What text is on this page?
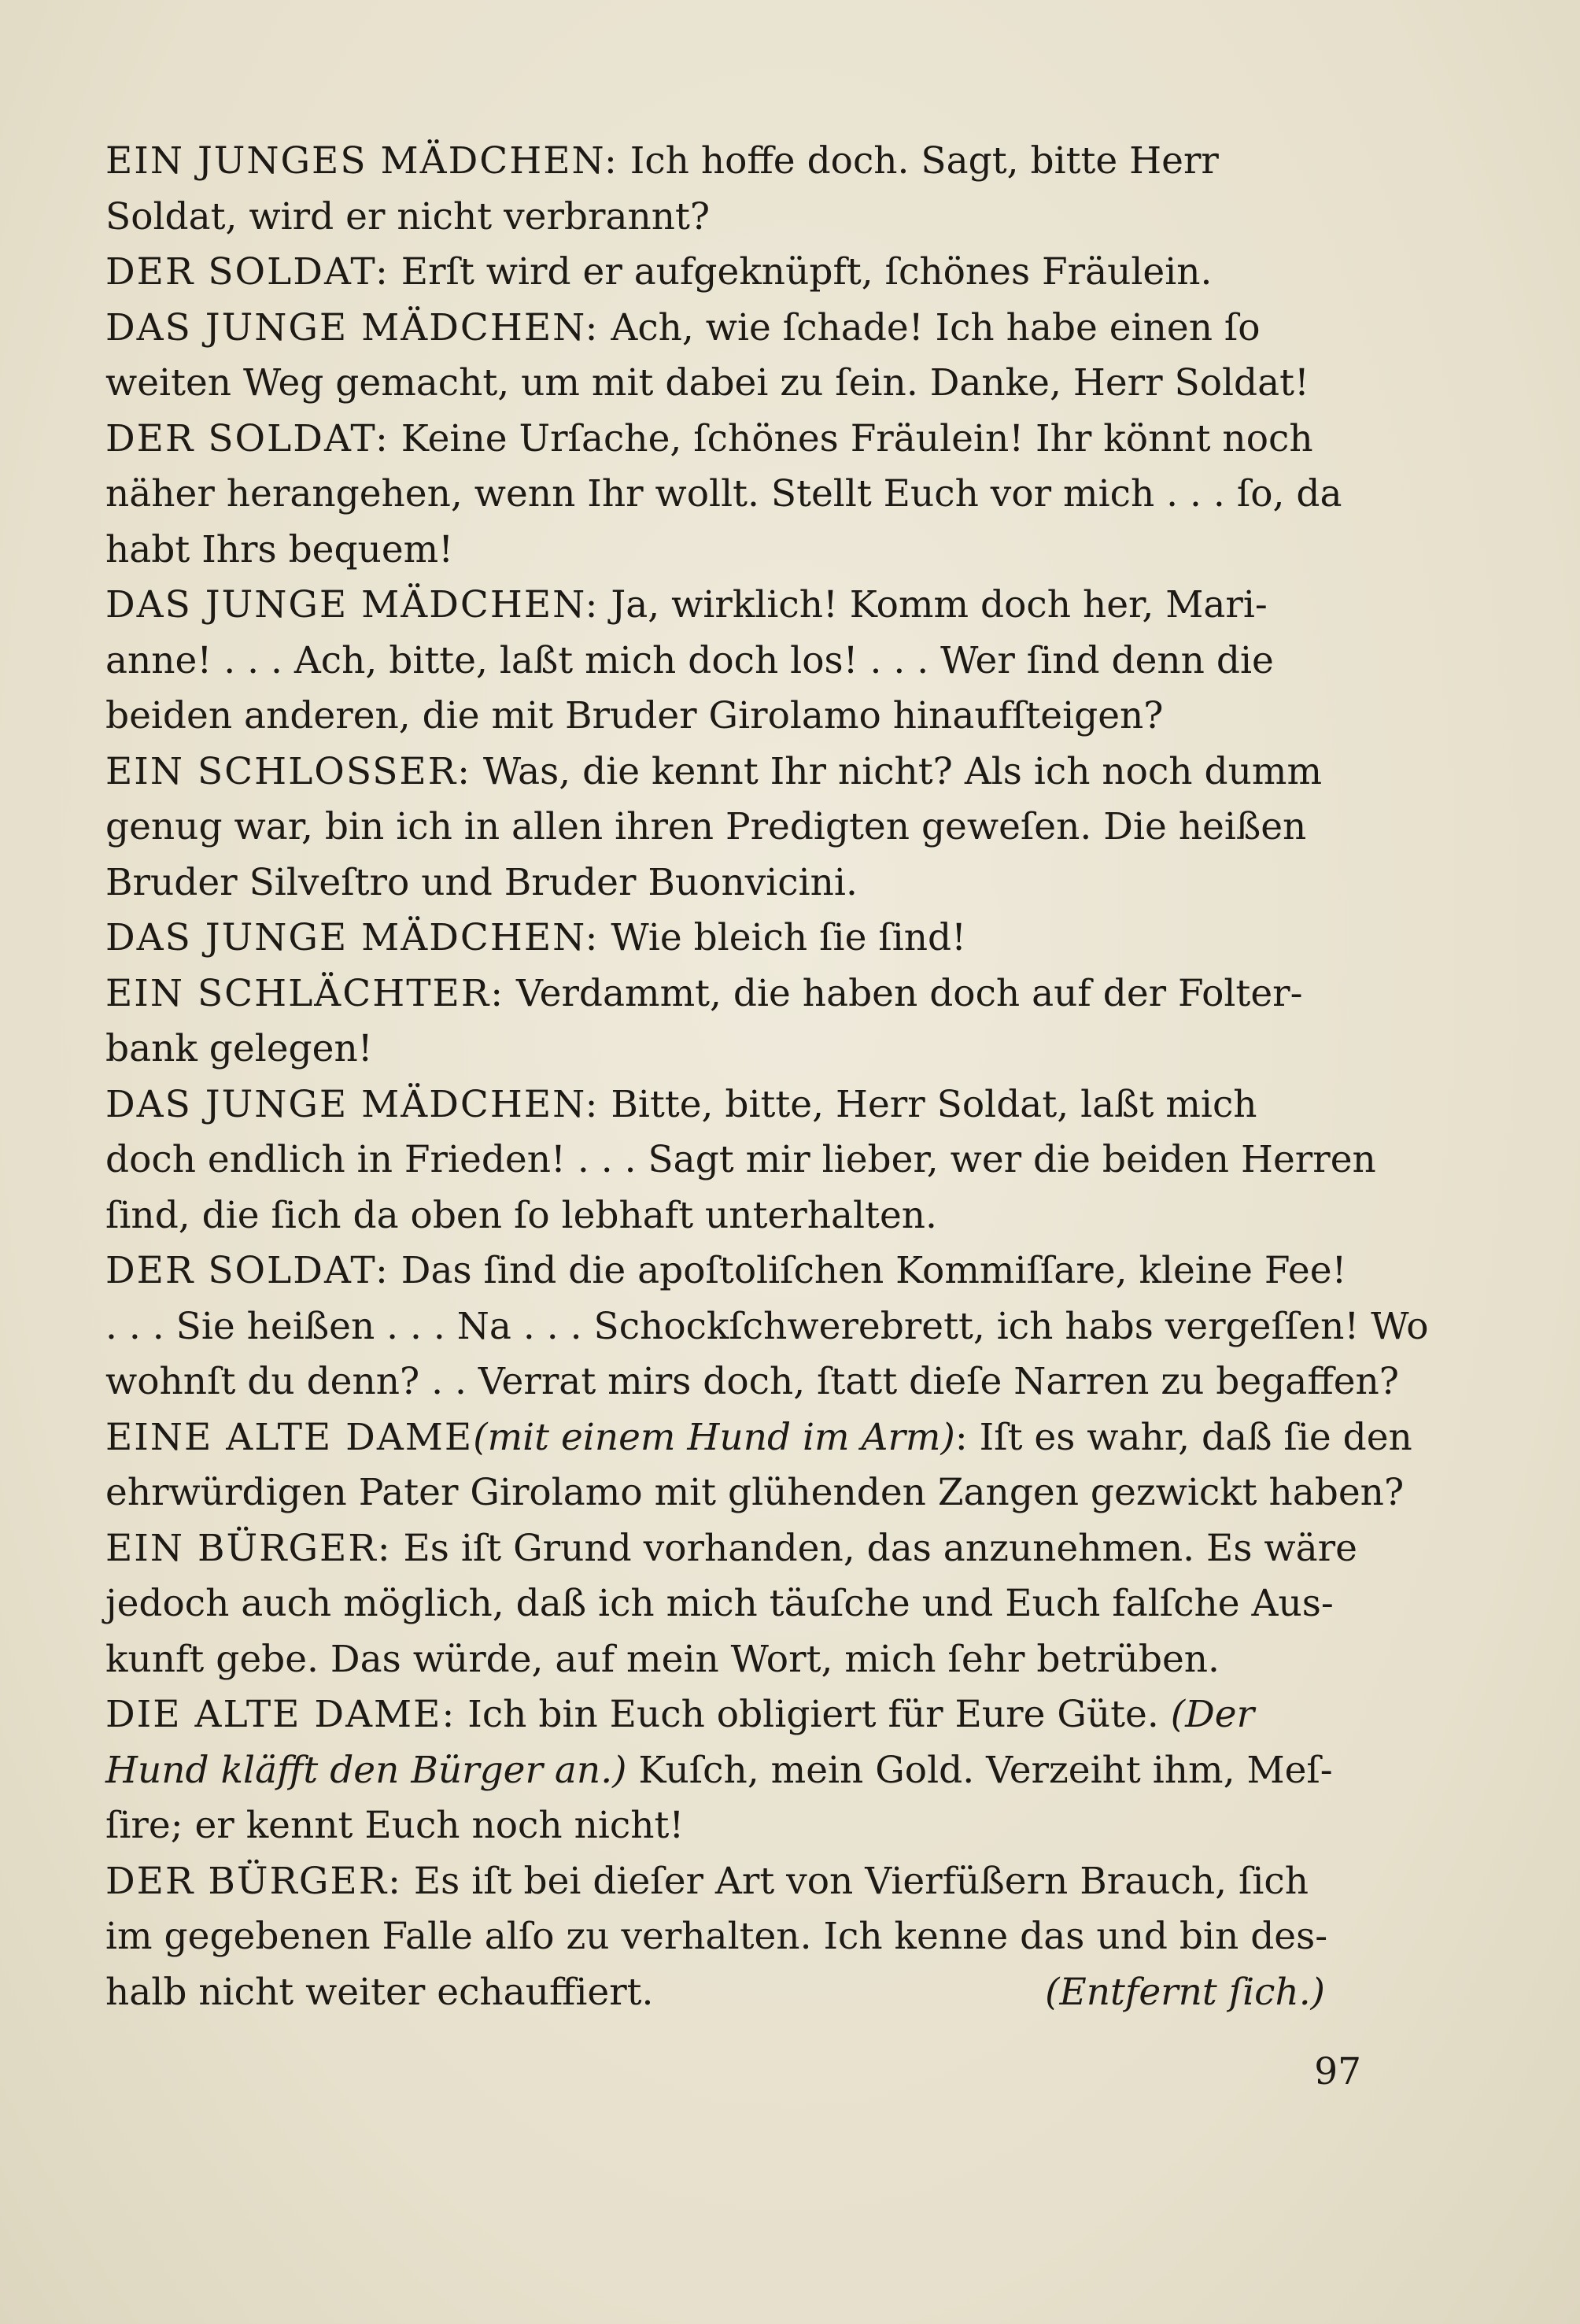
EIN JUNGES MÄDCHEN: Ich hoffe doch. Sagt, bitte Herr
Soldat, wird er nicht verbrannt?
DER SOLDAT: Erſt wird er aufgeknüpft, ſchönes Fräulein.
DAS JUNGE MÄDCHEN: Ach, wie ſchade! Ich habe einen ſo
weiten Weg gemacht, um mit dabei zu ſein. Danke, Herr Soldat!
DER SOLDAT: Keine Urſache, ſchönes Fräulein! Ihr könnt noch
näher herangehen, wenn Ihr wollt. Stellt Euch vor mich . . . ſo, da
habt Ihrs bequem!
DAS JUNGE MÄDCHEN: Ja, wirklich! Komm doch her, Mari-
anne! . . . Ach, bitte, laßt mich doch los! . . . Wer ſind denn die
beiden anderen, die mit Bruder Girolamo hinaufſteigen?
EIN SCHLOSSER: Was, die kennt Ihr nicht? Als ich noch dumm
genug war, bin ich in allen ihren Predigten geweſen. Die heißen
Bruder Silveſtro und Bruder Buonvicini.
DAS JUNGE MÄDCHEN: Wie bleich ſie ſind!
EIN SCHLÄCHTER: Verdammt, die haben doch auf der Folter-
bank gelegen!
DAS JUNGE MÄDCHEN: Bitte, bitte, Herr Soldat, laßt mich
doch endlich in Frieden! . . . Sagt mir lieber, wer die beiden Herren
ſind, die ſich da oben ſo lebhaft unterhalten.
DER SOLDAT: Das ſind die apoſtoliſchen Kommiſſare, kleine Fee!
. . . Sie heißen . . . Na . . . Schockſchwerebrett, ich habs vergeſſen! Wo
wohnſt du denn? . . Verrat mirs doch, ſtatt dieſe Narren zu begaffen?
EINE ALTE DAME(mit einem Hund im Arm): Iſt es wahr, daß ſie den
ehrwürdigen Pater Girolamo mit glühenden Zangen gezwickt haben?
EIN BÜRGER: Es iſt Grund vorhanden, das anzunehmen. Es wäre
jedoch auch möglich, daß ich mich täuſche und Euch falſche Aus-
kunft gebe. Das würde, auf mein Wort, mich ſehr betrüben.
DIE ALTE DAME: Ich bin Euch obligiert für Eure Güte. (Der
Hund kläfft den Bürger an.) Kuſch, mein Gold. Verzeiht ihm, Meſ-
ſire; er kennt Euch noch nicht!
DER BÜRGER: Es iſt bei dieſer Art von Vierfüßern Brauch, ſich
im gegebenen Falle alſo zu verhalten. Ich kenne das und bin des-
halb nicht weiter echauffiert.	(Entfernt ſich.)
97
